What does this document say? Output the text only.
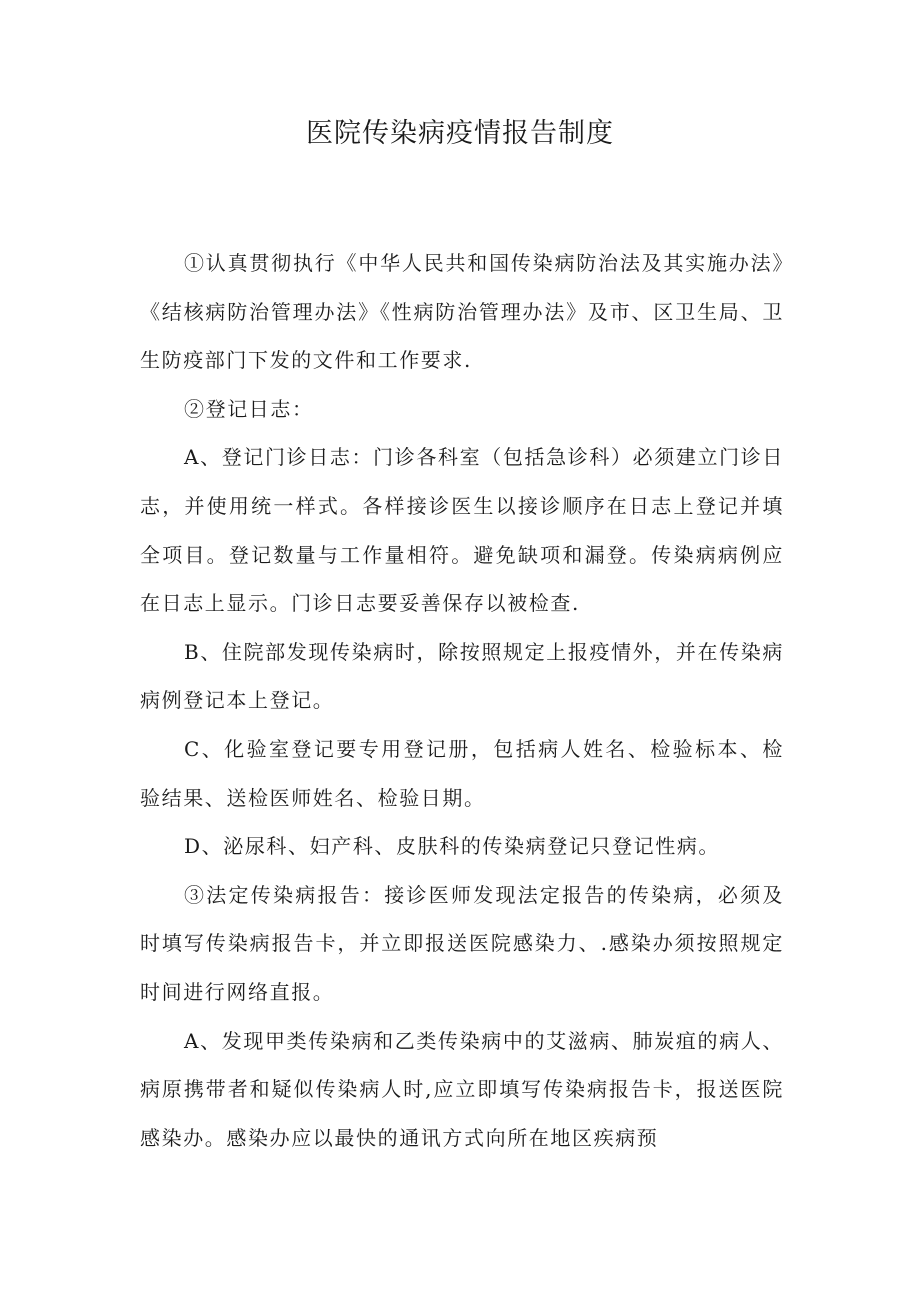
医院传染病疫情报告制度

①认真贯彻执行《中华人民共和国传染病防治法及其实施办法》《结核病防治管理办法》《性病防治管理办法》及市、区卫生局、卫生防疫部门下发的文件和工作要求.

②登记日志：

A、登记门诊日志：门诊各科室（包括急诊科）必须建立门诊日志，并使用统一样式。各样接诊医生以接诊顺序在日志上登记并填全项目。登记数量与工作量相符。避免缺项和漏登。传染病病例应在日志上显示。门诊日志要妥善保存以被检查.

B、住院部发现传染病时，除按照规定上报疫情外，并在传染病病例登记本上登记。

C、化验室登记要专用登记册，包括病人姓名、检验标本、检验结果、送检医师姓名、检验日期。

D、泌尿科、妇产科、皮肤科的传染病登记只登记性病。

③法定传染病报告：接诊医师发现法定报告的传染病，必须及时填写传染病报告卡，并立即报送医院感染力、.感染办须按照规定时间进行网络直报。

A、发现甲类传染病和乙类传染病中的艾滋病、肺炭疽的病人、病原携带者和疑似传染病人时,应立即填写传染病报告卡，报送医院感染办。感染办应以最快的通讯方式向所在地区疾病预
